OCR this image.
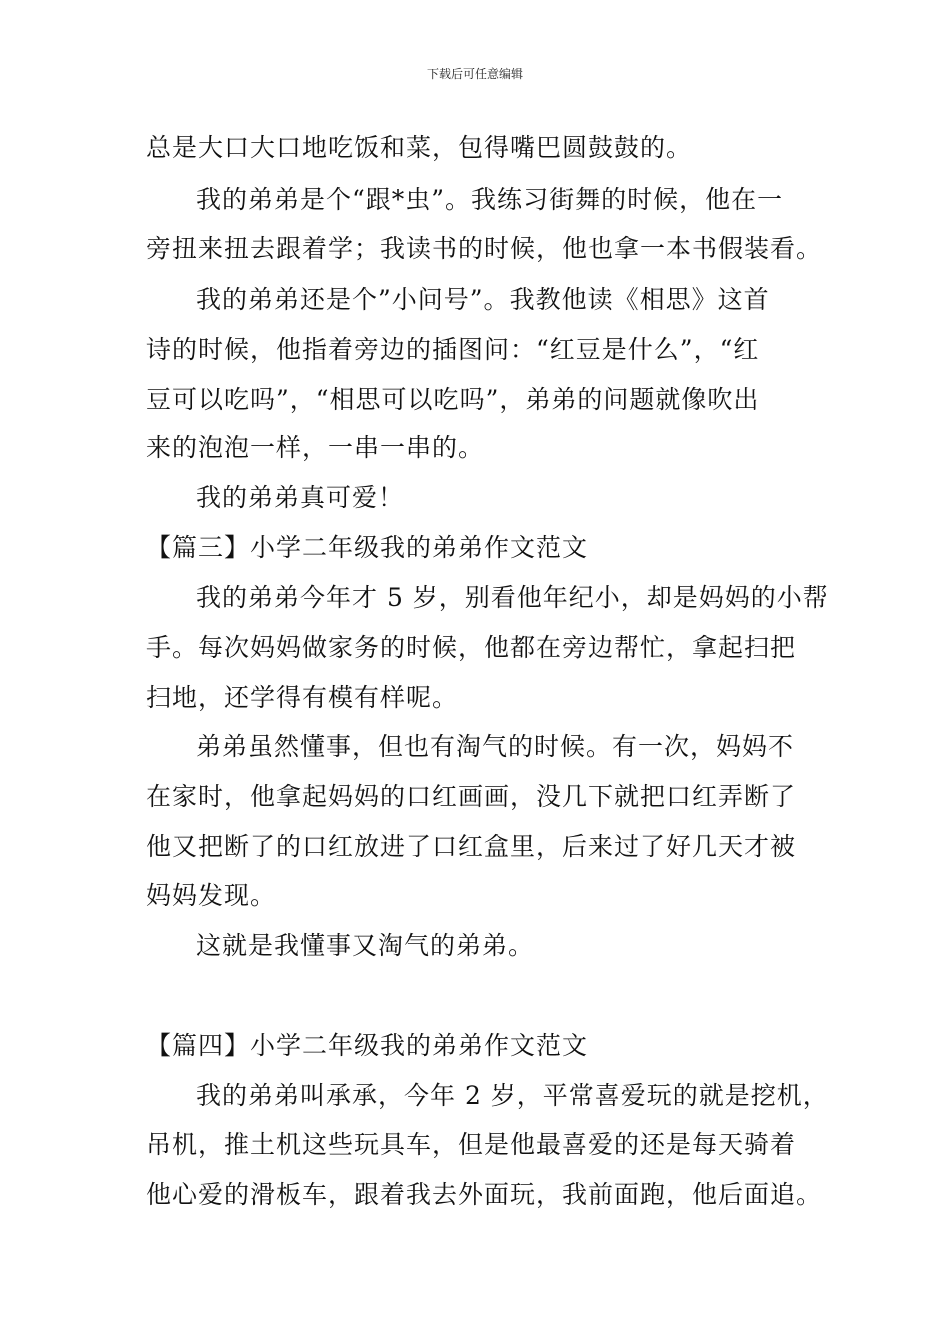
下载后可任意编辑
总是大口大口地吃饭和菜，包得嘴巴圆鼓鼓的。
我的弟弟是个“跟*虫”。我练习街舞的时候，他在一
旁扭来扭去跟着学；我读书的时候，他也拿一本书假装看。
我的弟弟还是个”小问号”。我教他读《相思》这首
诗的时候，他指着旁边的插图问：“红豆是什么”，“红
豆可以吃吗”，“相思可以吃吗”，弟弟的问题就像吹出
来的泡泡一样，一串一串的。
我的弟弟真可爱！
【篇三】小学二年级我的弟弟作文范文
我的弟弟今年才 5 岁，别看他年纪小，却是妈妈的小帮
手。每次妈妈做家务的时候，他都在旁边帮忙，拿起扫把
扫地，还学得有模有样呢。
弟弟虽然懂事，但也有淘气的时候。有一次，妈妈不
在家时，他拿起妈妈的口红画画，没几下就把口红弄断了
他又把断了的口红放进了口红盒里，后来过了好几天才被
妈妈发现。
这就是我懂事又淘气的弟弟。
【篇四】小学二年级我的弟弟作文范文
我的弟弟叫承承，今年 2 岁，平常喜爱玩的就是挖机，
吊机，推土机这些玩具车，但是他最喜爱的还是每天骑着
他心爱的滑板车，跟着我去外面玩，我前面跑，他后面追。
